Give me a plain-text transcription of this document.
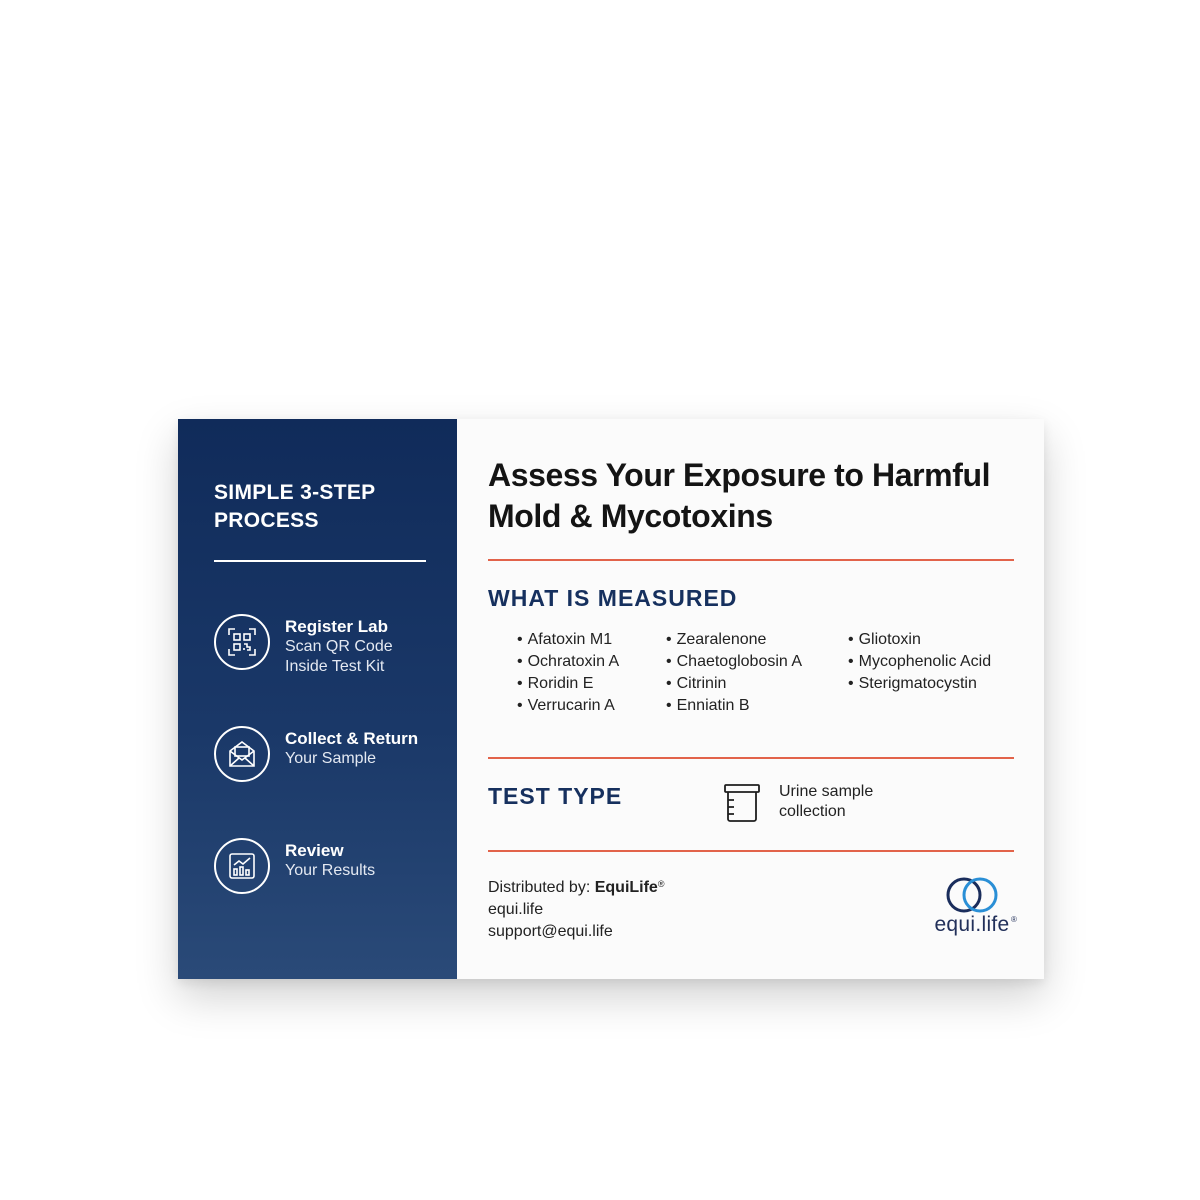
SIMPLE 3-STEP PROCESS
Register Lab
Scan QR Code
Inside Test Kit
Collect & Return
Your Sample
Review
Your Results
Assess Your Exposure to Harmful Mold & Mycotoxins
WHAT IS MEASURED
• Afatoxin M1
• Ochratoxin A
• Roridin E
• Verrucarin A
• Zearalenone
• Chaetoglobosin A
• Citrinin
• Enniatin B
• Gliotoxin
• Mycophenolic Acid
• Sterigmatocystin
TEST TYPE	Urine sample
collection
Distributed by: EquiLife®
equi.life
support@equi.life	equi.life ®
